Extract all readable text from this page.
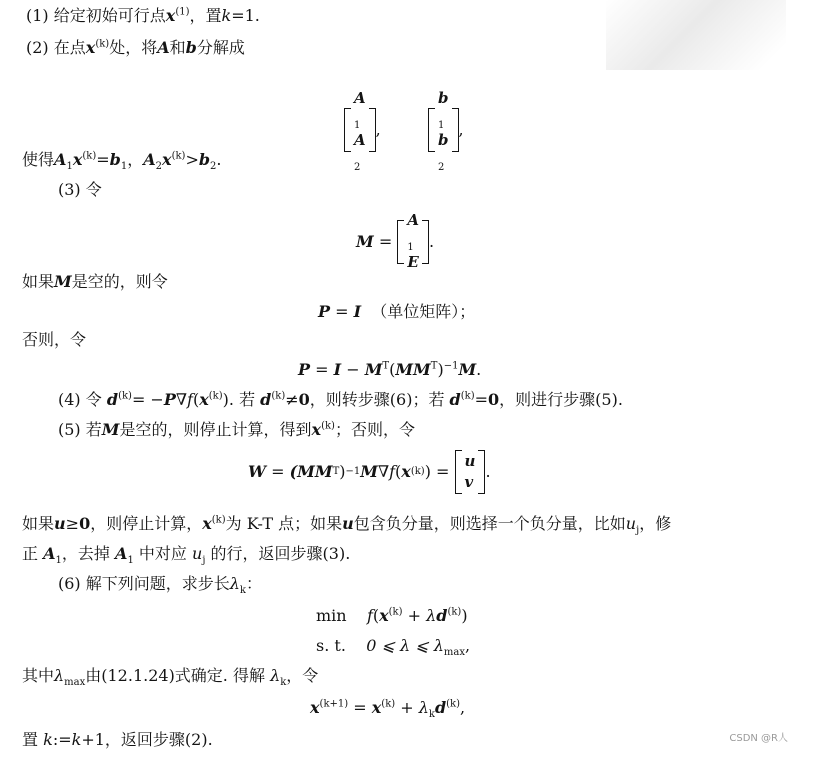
(1) 给定初始可行点$x^{(1)}$，置k=1.
(2) 在点$x^{(k)}$处，将A和b分解成
A
$_1$
A
$_2$
,
b
$_1$
b
$_2$
,
使得$A_1x^{(k)}=b_1$，$A_2x^{(k)}>b_2$.
(3) 令
M
=

A
$_1$
E
.
如果M是空的，则令
P = I （单位矩阵）；
否则，令
$P = I - M^T(MM^T)^{-1}M$.
(4) 令 $d^{(k)}= -P\nabla f(x^{(k)})$. 若 $d^{(k)}\ne 0$，则转步骤(6)；若 $d^{(k)}=0$，则进行步骤(5).
(5) 若M是空的，则停止计算，得到$x^{(k)}$；否则，令
W
=
(MM T ) −1 M ∇ f ( x (k) ) =

u
v
.
如果u≥0，则停止计算，$x^{(k)}$为 K-T 点；如果u包含负分量，则选择一个负分量，比如$u_j$，修
正 $A_1$，去掉 $A_1$ 中对应 $u_j$ 的行，返回步骤(3).
(6) 解下列问题，求步长$\lambda_k$：
$\min f(x^{(k)} + \lambda d^{(k)})$
s. t. 0 ⩽ λ ⩽ $\lambda_{max}$,
其中$\lambda_{max}$由(12.1.24)式确定. 得解 $\lambda_k$，令
$x^{(k+1)} = x^{(k)} + \lambda_kd^{(k)}$,
置 k:=k+1，返回步骤(2).	CSDN @R人
